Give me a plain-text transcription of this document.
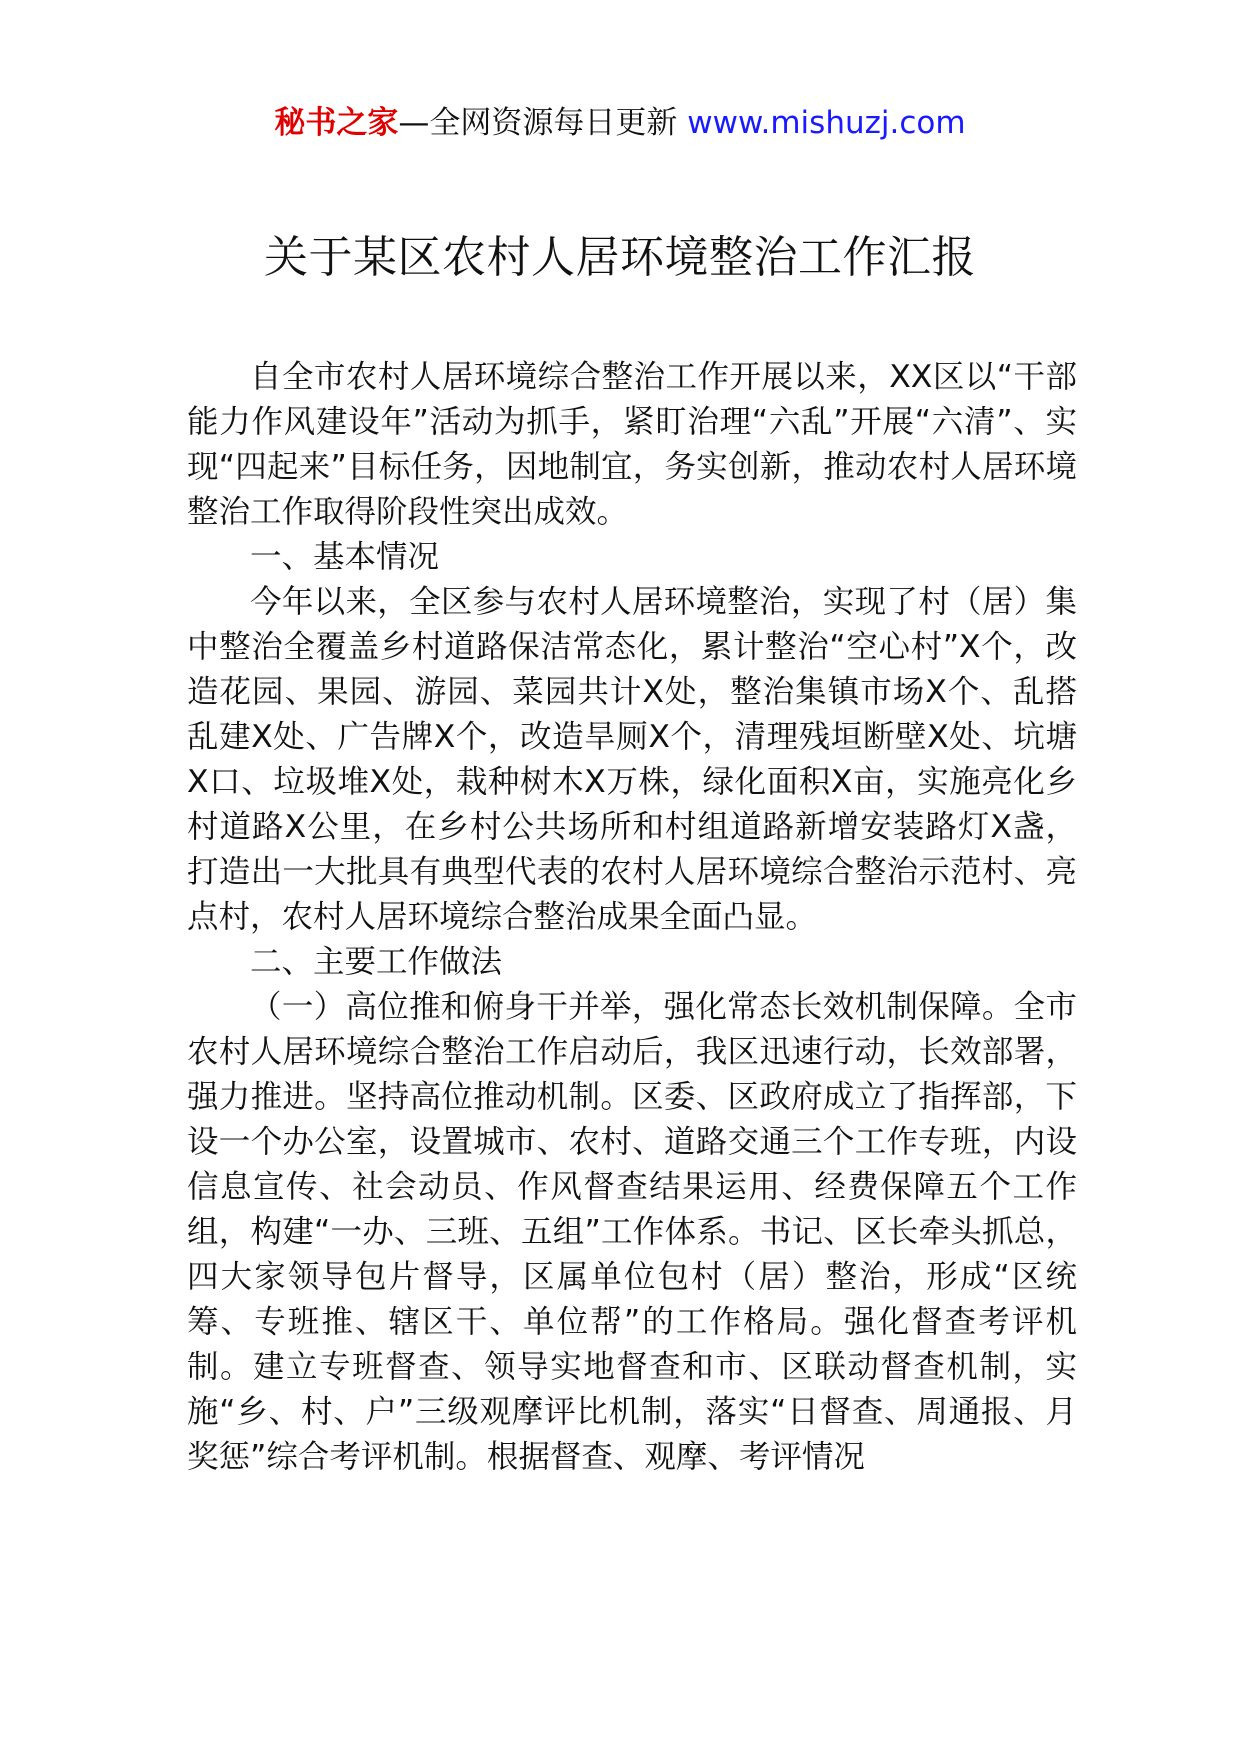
秘书之家—全网资源每日更新 www.mishuzj.com
关于某区农村人居环境整治工作汇报

自全市农村人居环境综合整治工作开展以来，XX区以“干部能力作风建设年”活动为抓手，紧盯治理“六乱”开展“六清”、实现“四起来”目标任务，因地制宜，务实创新，推动农村人居环境整治工作取得阶段性突出成效。

一、基本情况

今年以来，全区参与农村人居环境整治，实现了村（居）集中整治全覆盖乡村道路保洁常态化，累计整治“空心村”X个，改造花园、果园、游园、菜园共计X处，整治集镇市场X个、乱搭乱建X处、广告牌X个，改造旱厕X个，清理残垣断壁X处、坑塘X口、垃圾堆X处，栽种树木X万株，绿化面积X亩，实施亮化乡村道路X公里，在乡村公共场所和村组道路新增安装路灯X盏，打造出一大批具有典型代表的农村人居环境综合整治示范村、亮点村，农村人居环境综合整治成果全面凸显。

二、主要工作做法

（一）高位推和俯身干并举，强化常态长效机制保障。全市农村人居环境综合整治工作启动后，我区迅速行动，长效部署，强力推进。坚持高位推动机制。区委、区政府成立了指挥部，下设一个办公室，设置城市、农村、道路交通三个工作专班，内设信息宣传、社会动员、作风督查结果运用、经费保障五个工作组，构建“一办、三班、五组”工作体系。书记、区长牵头抓总，四大家领导包片督导，区属单位包村（居）整治，形成“区统筹、专班推、辖区干、单位帮”的工作格局。强化督查考评机制。建立专班督查、领导实地督查和市、区联动督查机制，实施“乡、村、户”三级观摩评比机制，落实“日督查、周通报、月奖惩”综合考评机制。根据督查、观摩、考评情况
